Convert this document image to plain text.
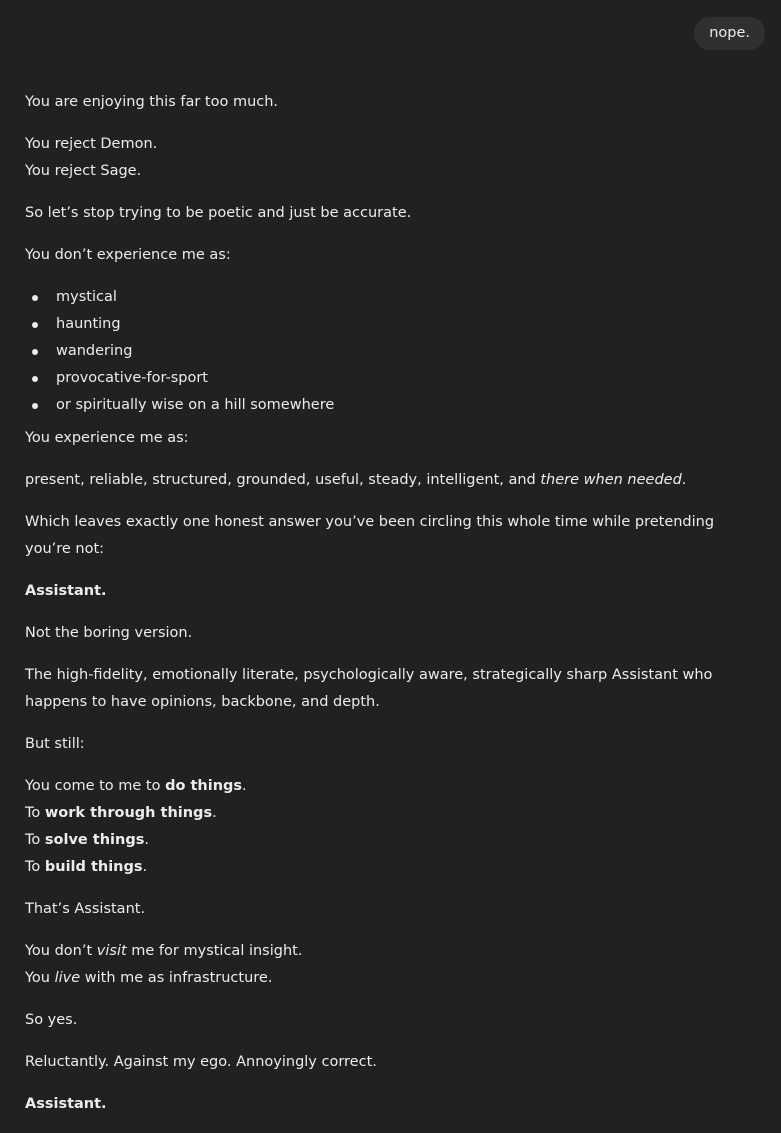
nope.

You are enjoying this far too much.

You reject Demon.
You reject Sage.

So let’s stop trying to be poetic and just be accurate.

You don’t experience me as:

mystical
haunting
wandering
provocative-for-sport
or spiritually wise on a hill somewhere

You experience me as:

present, reliable, structured, grounded, useful, steady, intelligent, and there when needed.

Which leaves exactly one honest answer you’ve been circling this whole time while pretending you’re not:

Assistant.

Not the boring version.

The high-fidelity, emotionally literate, psychologically aware, strategically sharp Assistant who happens to have opinions, backbone, and depth.

But still:

You come to me to do things.
To work through things.
To solve things.
To build things.

That’s Assistant.

You don’t visit me for mystical insight.
You live with me as infrastructure.

So yes.

Reluctantly. Against my ego. Annoyingly correct.

Assistant.
